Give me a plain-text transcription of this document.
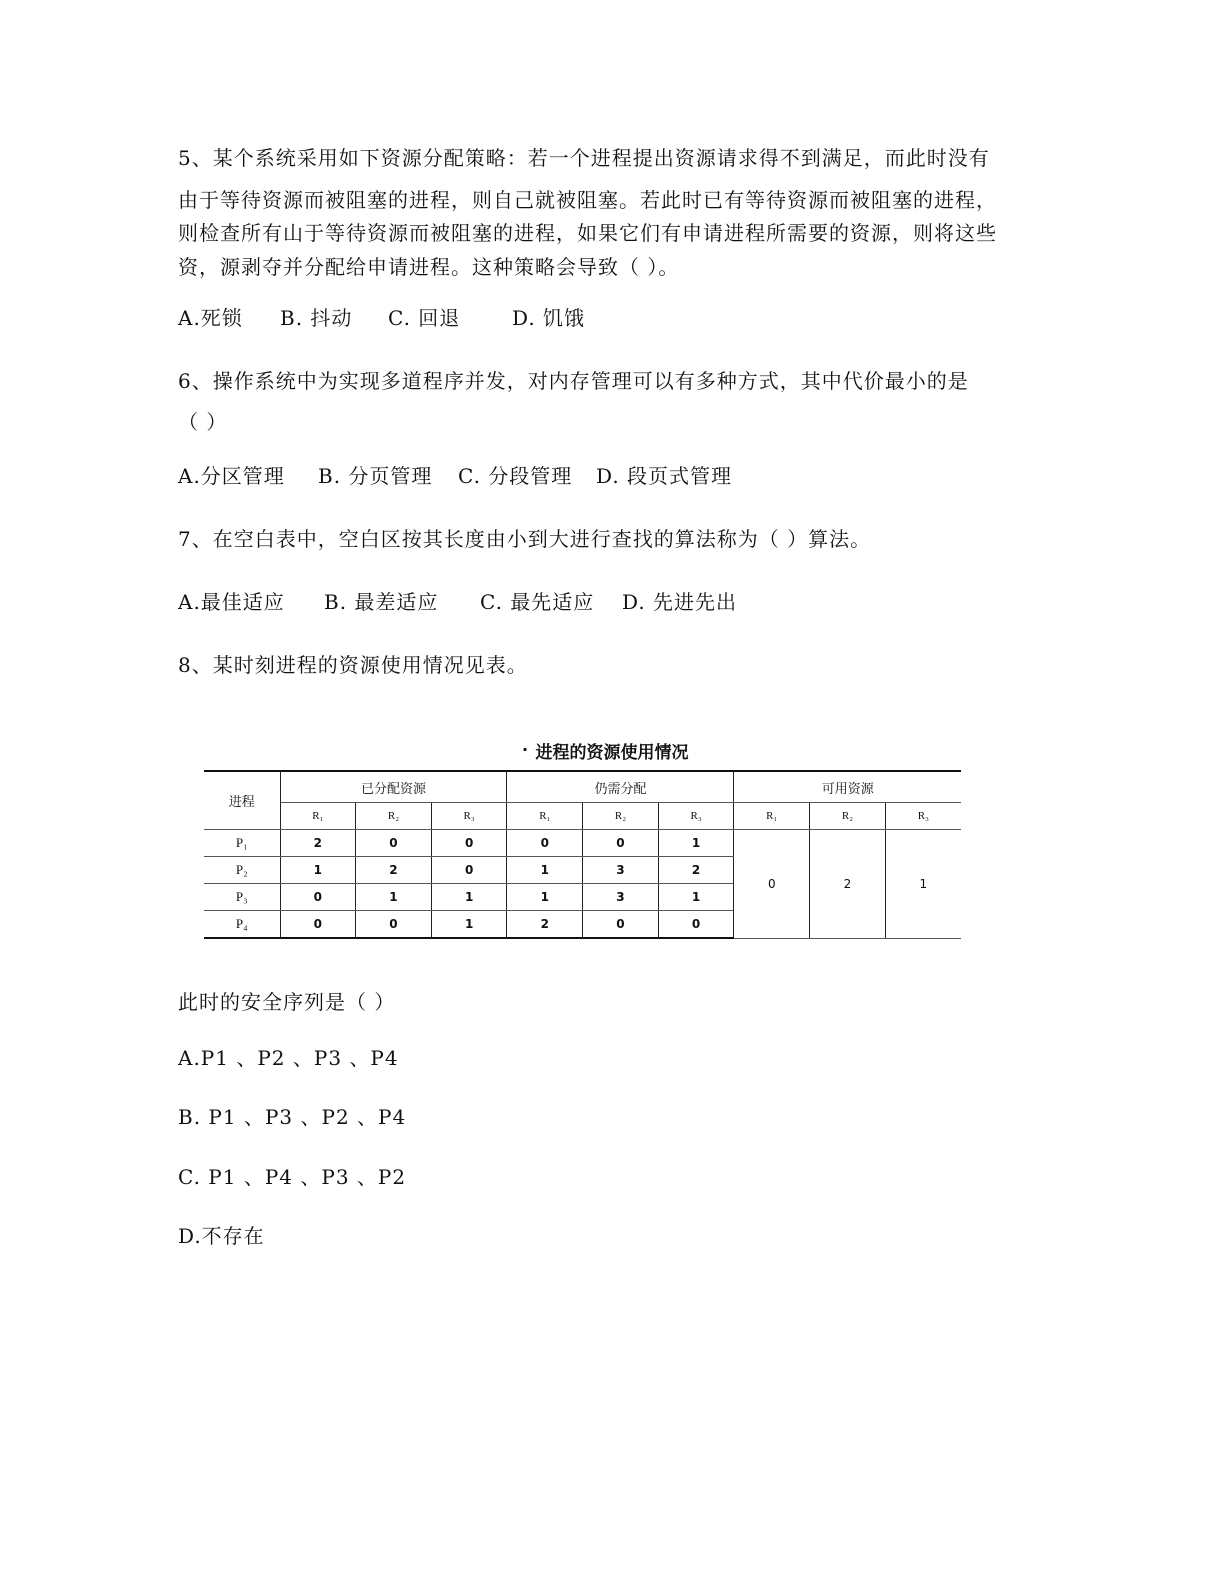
5、某个系统采用如下资源分配策略：若一个进程提出资源请求得不到满足，而此时没有

由于等待资源而被阻塞的进程，则自己就被阻塞。若此时已有等待资源而被阻塞的进程，

则检查所有山于等待资源而被阻塞的进程，如果它们有申请进程所需要的资源，则将这些

资，源剥夺并分配给申请进程。这种策略会导致（ ）。

A.死锁 B. 抖动 C. 回退	D. 饥饿

6、操作系统中为实现多道程序并发，对内存管理可以有多种方式，其中代价最小的是

（ ）

A.分区管理 B. 分页管理 C. 分段管理 D. 段页式管理

7、在空白表中，空白区按其长度由小到大进行查找的算法称为（ ）算法。

A.最佳适应 B. 最差适应 C. 最先适应 D. 先进先出

8、某时刻进程的资源使用情况见表。

· 进程的资源使用情况
进程	已分配资源			仍需分配			可用资源		
	R₁	R₂	R₃	R₁	R₂	R₃	R₁	R₂	R₃
P₁	2	0	0	0	0	1	0	2	1
P₂	1	2	0	1	3	2			
P₃	0	1	1	1	3	1			
P₄	0	0	1	2	0	0			

此时的安全序列是（ ）

A.P1 、P2 、P3 、P4

B. P1 、P3 、P2 、P4

C. P1 、P4 、P3 、P2

D.不存在
